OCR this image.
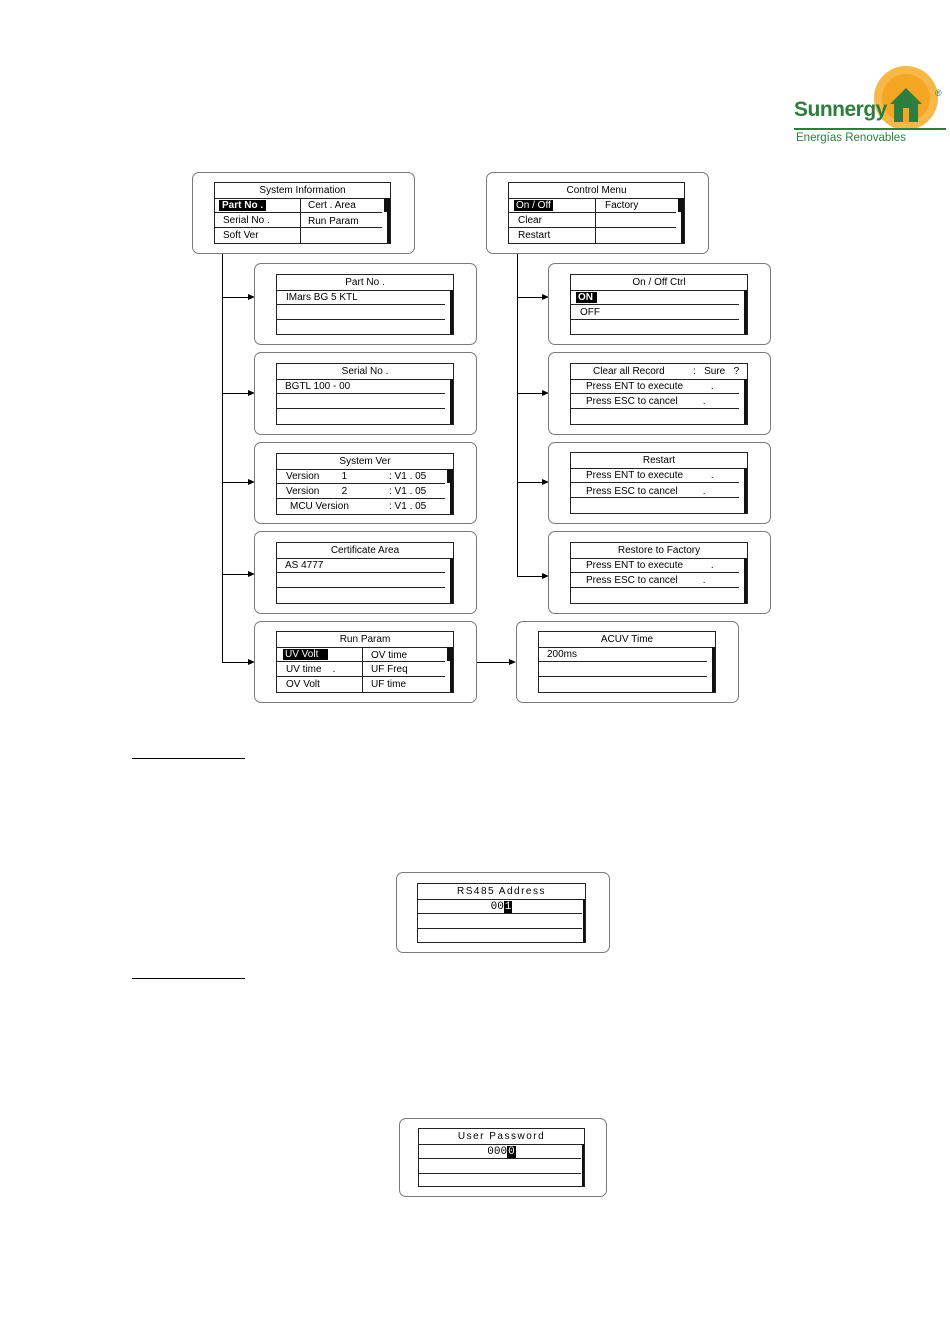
Sunnergy
®
Energías Renovables
System Information
Part No .	Cert . Area
Serial No .	Run Param
Soft Ver
Control Menu
On / Off	Factory
Clear
Restart
Part No .
IMars BG 5 KTL
Serial No .
BGTL 100 - 00
System Ver
Version        1	: V1 . 05
Version        2	: V1 . 05
MCU Version	: V1 . 05
Certificate Area
AS 4777
Run Param
UV Volt	OV time
UV time    .	UF Freq
OV Volt	UF time
ACUV Time
200ms
On / Off Ctrl
ON
OFF
Clear all Record	:   Sure   ?
Press ENT to execute          .
Press ESC to cancel         .
Restart
Press ENT to execute          .
Press ESC to cancel         .
Restore to Factory
Press ENT to execute          .
Press ESC to cancel         .
RS485 Address
001
User Password
0000
